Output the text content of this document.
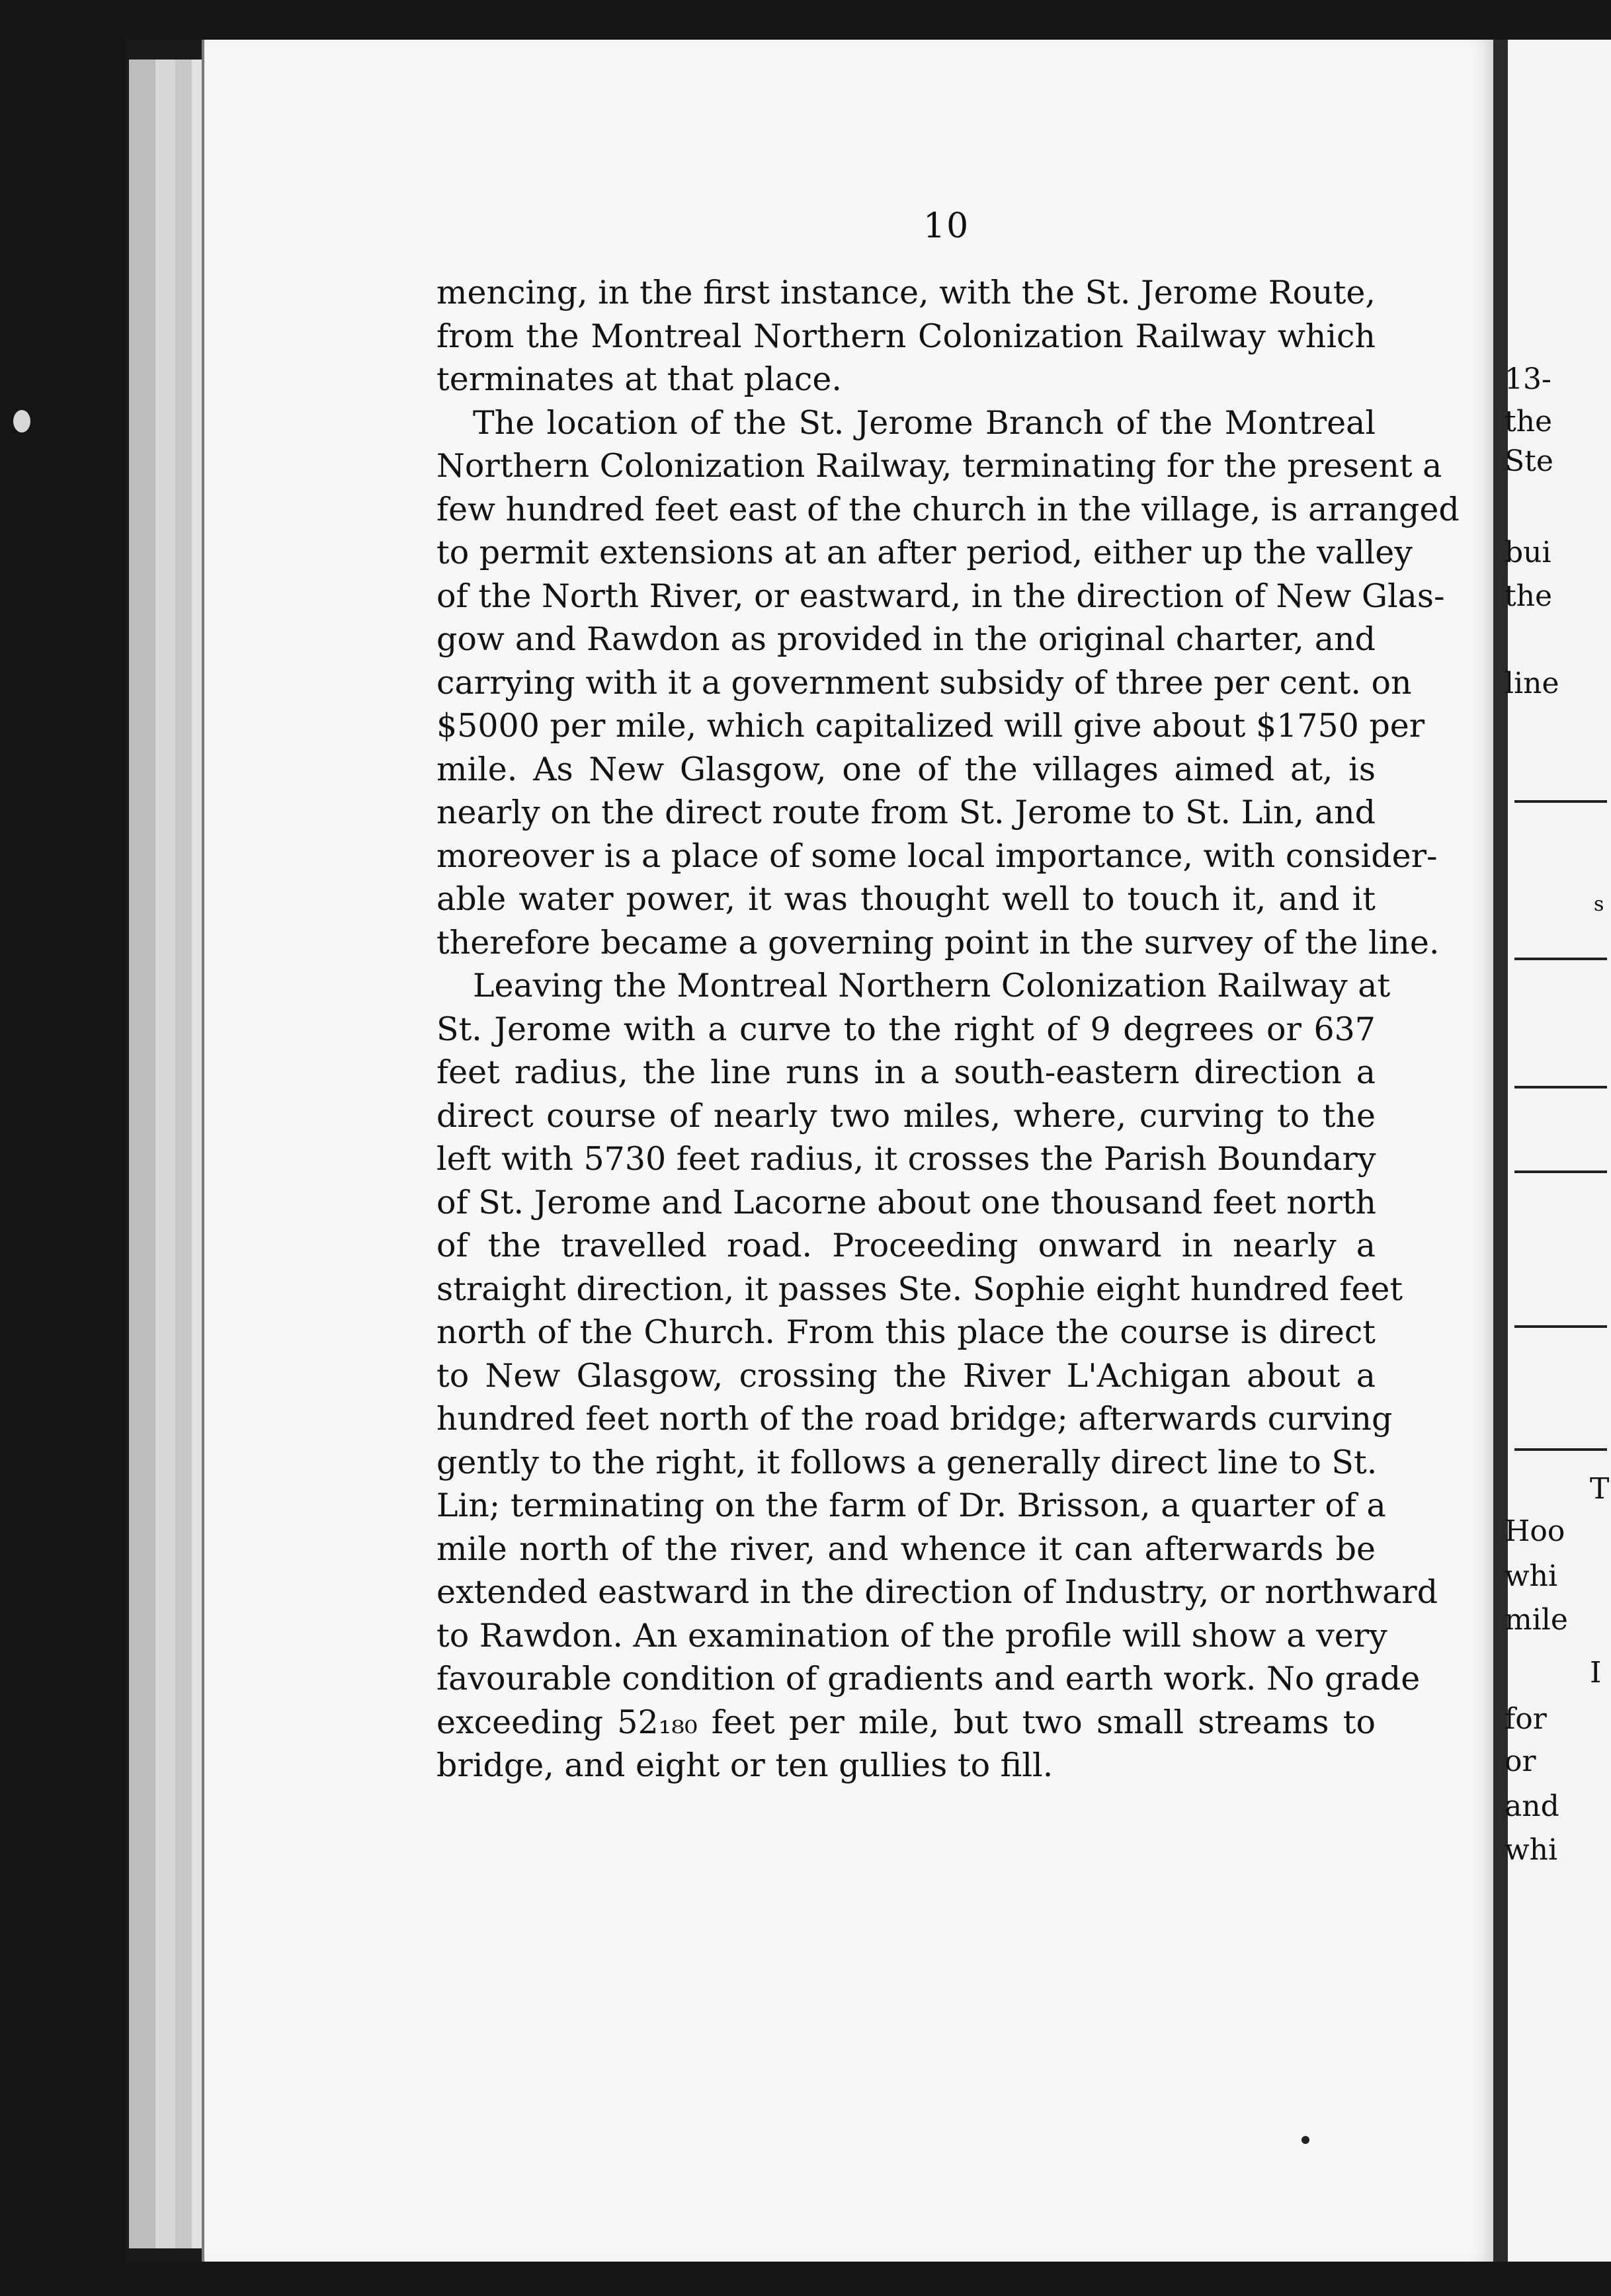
10
mencing, in the first instance, with the St. Jerome Route,
from the Montreal Northern Colonization Railway which
terminates at that place.
The location of the St. Jerome Branch of the Montreal
Northern Colonization Railway, terminating for the present a
few hundred feet east of the church in the village, is arranged
to permit extensions at an after period, either up the valley
of the North River, or eastward, in the direction of New Glas-
gow and Rawdon as provided in the original charter, and
carrying with it a government subsidy of three per cent. on
$5000 per mile, which capitalized will give about $1750 per
mile. As New Glasgow, one of the villages aimed at, is
nearly on the direct route from St. Jerome to St. Lin, and
moreover is a place of some local importance, with consider-
able water power, it was thought well to touch it, and it
therefore became a governing point in the survey of the line.
Leaving the Montreal Northern Colonization Railway at
St. Jerome with a curve to the right of 9 degrees or 637
feet radius, the line runs in a south-eastern direction a
direct course of nearly two miles, where, curving to the
left with 5730 feet radius, it crosses the Parish Boundary
of St. Jerome and Lacorne about one thousand feet north
of the travelled road. Proceeding onward in nearly a
straight direction, it passes Ste. Sophie eight hundred feet
north of the Church. From this place the course is direct
to New Glasgow, crossing the River L'Achigan about a
hundred feet north of the road bridge; afterwards curving
gently to the right, it follows a generally direct line to St.
Lin; terminating on the farm of Dr. Brisson, a quarter of a
mile north of the river, and whence it can afterwards be
extended eastward in the direction of Industry, or northward
to Rawdon. An examination of the profile will show a very
favourable condition of gradients and earth work. No grade
exceeding 52₁₈₀ feet per mile, but two small streams to
bridge, and eight or ten gullies to fill.
13-
the
Ste
bui
the
line
s
T
Hoo
whi
mile
I
for
or
and
whi
